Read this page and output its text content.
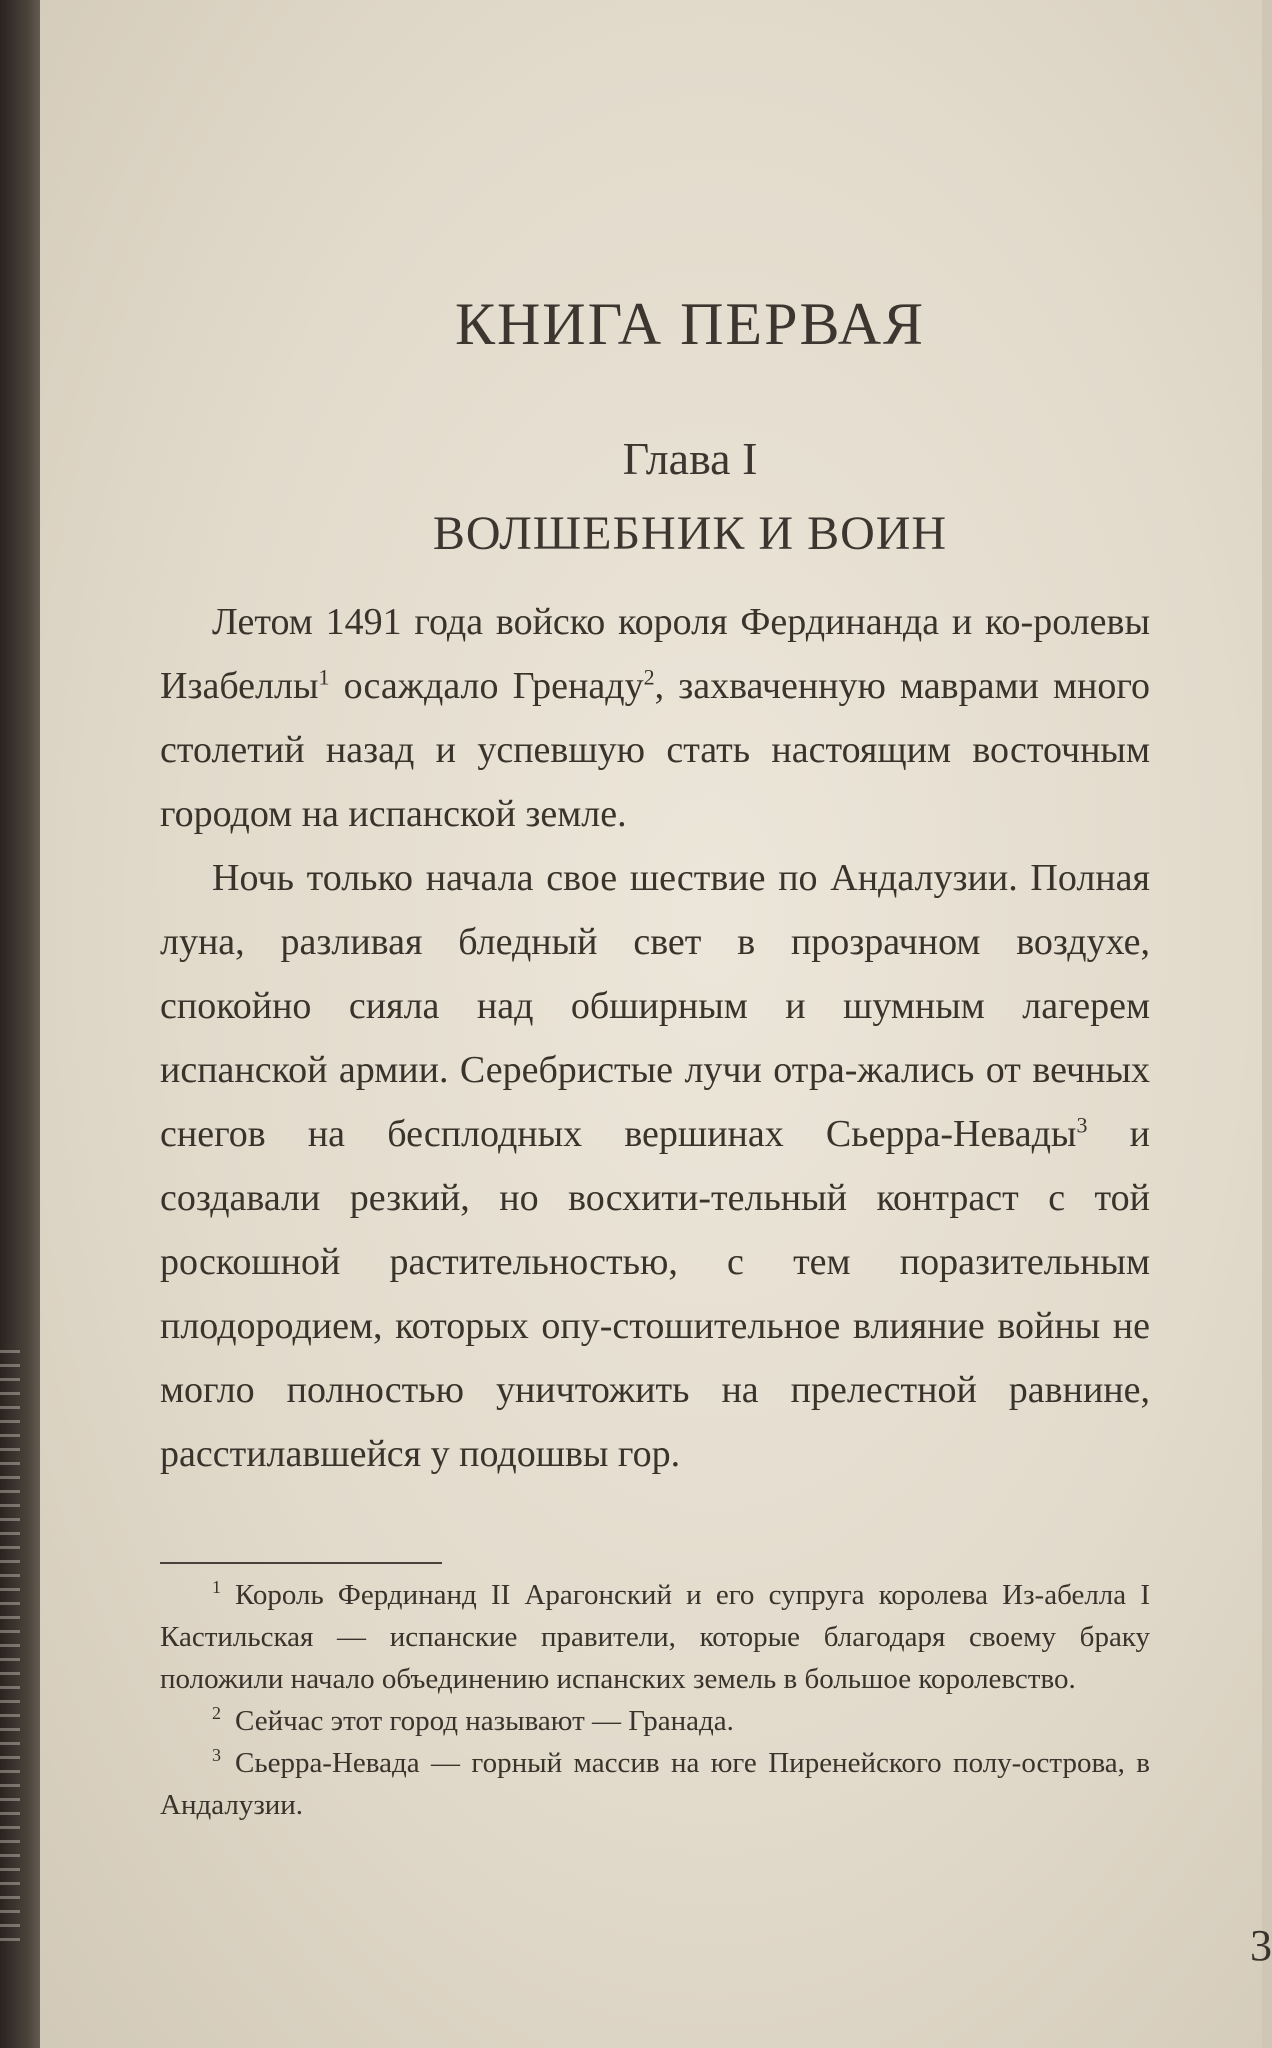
КНИГА ПЕРВАЯ
Глава I
ВОЛШЕБНИК И ВОИН

Летом 1491 года войско короля Фердинанда и ко-ролевы Изабеллы$^1$ осаждало Гренаду$^2$, захваченную маврами много столетий назад и успевшую стать настоящим восточным городом на испанской земле.

Ночь только начала свое шествие по Андалузии. Полная луна, разливая бледный свет в прозрачном воздухе, спокойно сияла над обширным и шумным лагерем испанской армии. Серебристые лучи отра-жались от вечных снегов на бесплодных вершинах Сьерра-Невады$^3$ и создавали резкий, но восхити-тельный контраст с той роскошной растительностью, с тем поразительным плодородием, которых опу-стошительное влияние войны не могло полностью уничтожить на прелестной равнине, расстилавшейся у подошвы гор.

$^1$ Король Фердинанд II Арагонский и его супруга королева Из-абелла I Кастильская — испанские правители, которые благодаря своему браку положили начало объединению испанских земель в большое королевство.

$^2$ Сейчас этот город называют — Гранада.

$^3$ Сьерра-Невада — горный массив на юге Пиренейского полу-острова, в Андалузии.

3
